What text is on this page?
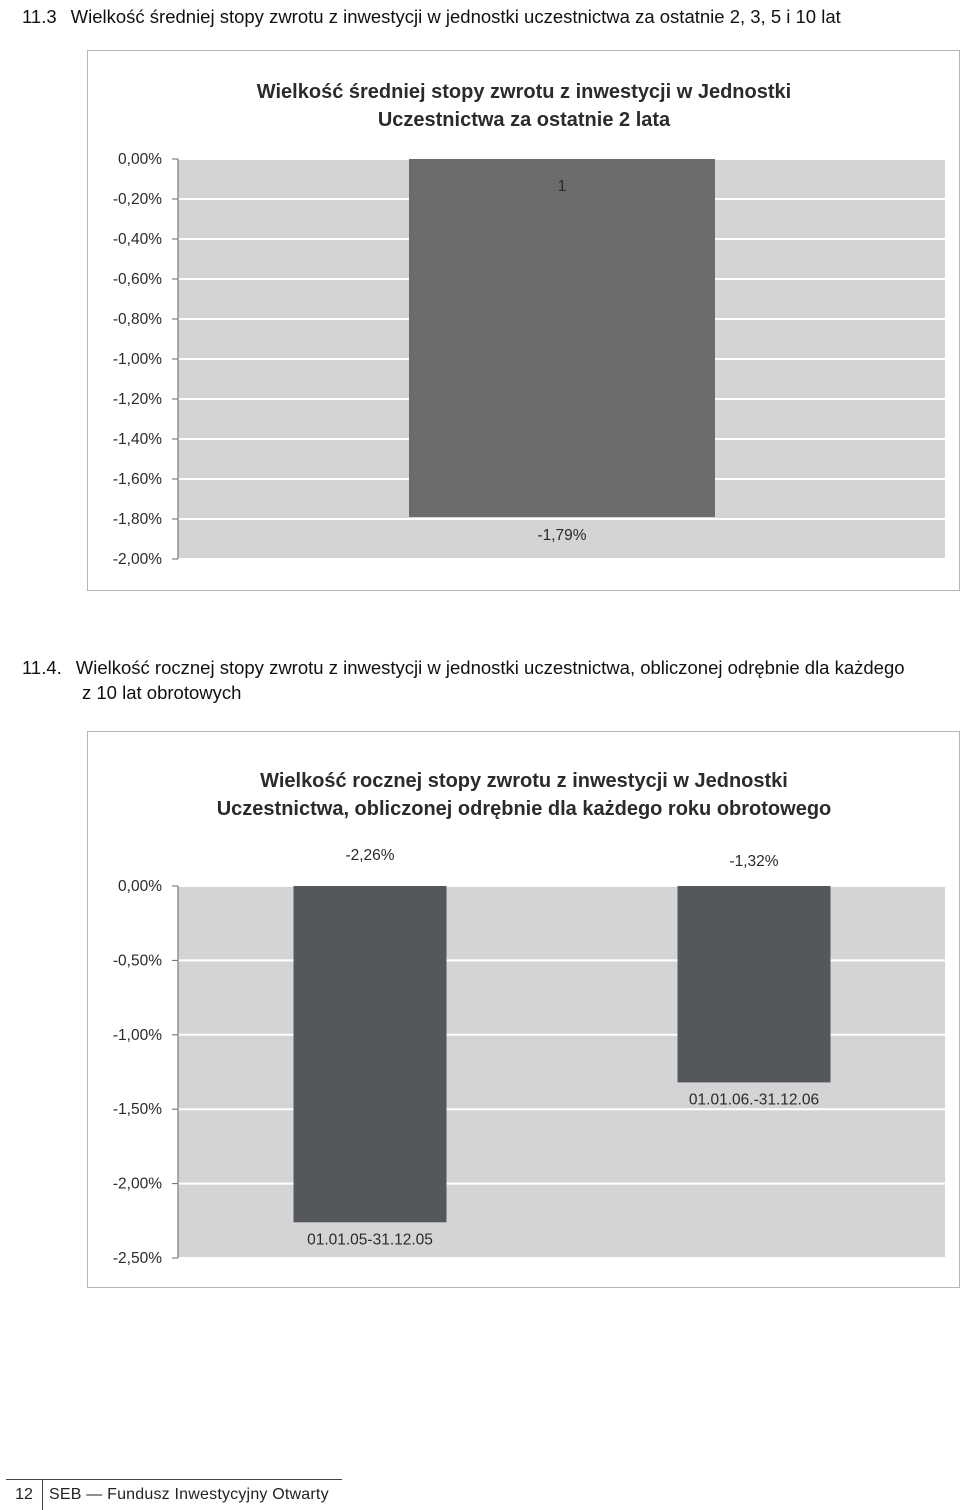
11.3 Wielkość średniej stopy zwrotu z inwestycji w jednostki uczestnictwa za ostatnie 2, 3, 5 i 10 lat
Wielkość średniej stopy zwrotu z inwestycji w Jednostki
Uczestnictwa za ostatnie 2 lata
0,00%
-0,20%
-0,40%
-0,60%
-0,80%
-1,00%
-1,20%
-1,40%
-1,60%
-1,80%
-2,00%
-1,79%
1
11.4. Wielkość rocznej stopy zwrotu z inwestycji w jednostki uczestnictwa, obliczonej odrębnie dla każdego
z 10 lat obrotowych
Wielkość rocznej stopy zwrotu z inwestycji w Jednostki
Uczestnictwa, obliczonej odrębnie dla każdego roku obrotowego
0,00%
-0,50%
-1,00%
-1,50%
-2,00%
-2,50%
-2,26%
01.01.05-31.12.05
-1,32%
01.01.06.-31.12.06
12	SEB — Fundusz Inwestycyjny Otwarty
